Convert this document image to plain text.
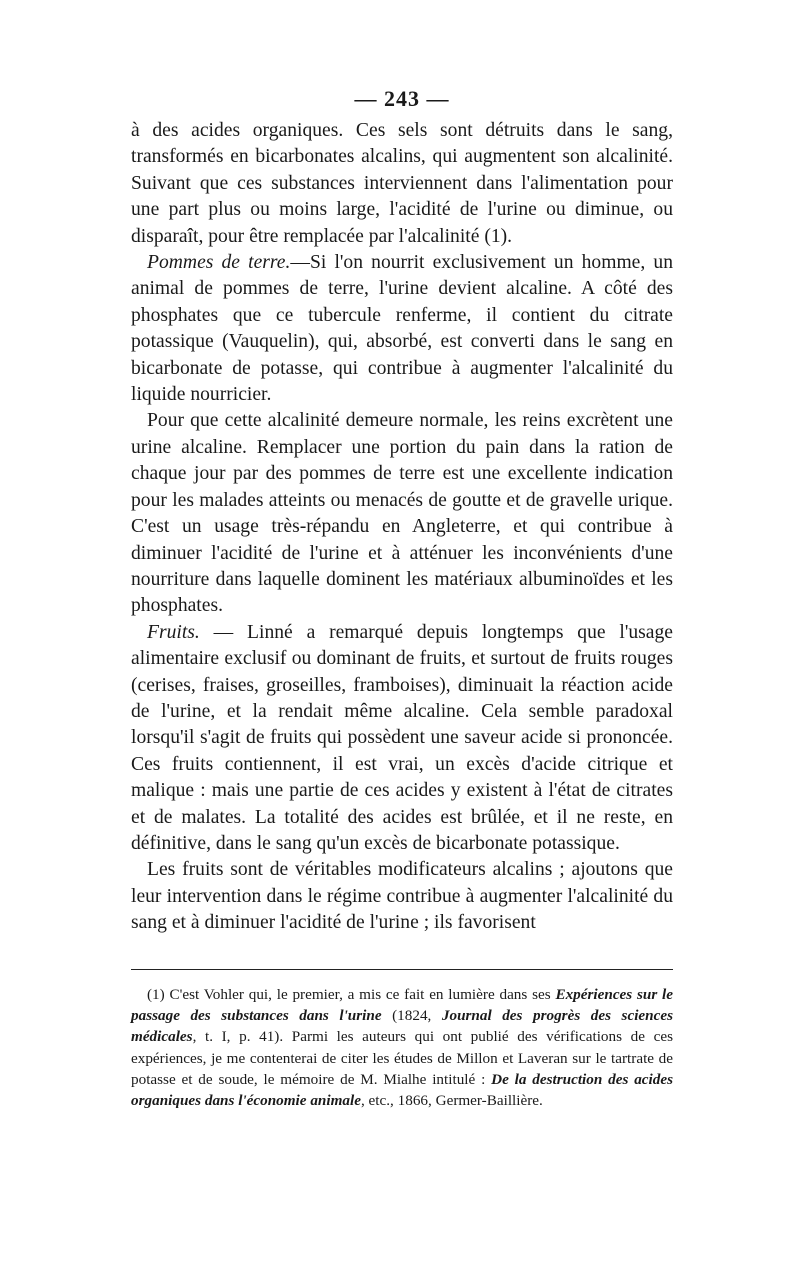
— 243 —

à des acides organiques. Ces sels sont détruits dans le sang, transformés en bicarbonates alcalins, qui augmentent son alcalinité. Suivant que ces substances interviennent dans l'alimentation pour une part plus ou moins large, l'acidité de l'urine ou diminue, ou disparaît, pour être remplacée par l'alcalinité (1).

Pommes de terre.—Si l'on nourrit exclusivement un homme, un animal de pommes de terre, l'urine devient alcaline. A côté des phosphates que ce tubercule renferme, il contient du citrate potassique (Vauquelin), qui, absorbé, est converti dans le sang en bicarbonate de potasse, qui contribue à augmenter l'alcalinité du liquide nourricier.

Pour que cette alcalinité demeure normale, les reins excrètent une urine alcaline. Remplacer une portion du pain dans la ration de chaque jour par des pommes de terre est une excellente indication pour les malades atteints ou menacés de goutte et de gravelle urique. C'est un usage très-répandu en Angleterre, et qui contribue à diminuer l'acidité de l'urine et à atténuer les inconvénients d'une nourriture dans laquelle dominent les matériaux albuminoïdes et les phosphates.

Fruits. — Linné a remarqué depuis longtemps que l'usage alimentaire exclusif ou dominant de fruits, et surtout de fruits rouges (cerises, fraises, groseilles, framboises), diminuait la réaction acide de l'urine, et la rendait même alcaline. Cela semble paradoxal lorsqu'il s'agit de fruits qui possèdent une saveur acide si prononcée. Ces fruits contiennent, il est vrai, un excès d'acide citrique et malique : mais une partie de ces acides y existent à l'état de citrates et de malates. La totalité des acides est brûlée, et il ne reste, en définitive, dans le sang qu'un excès de bicarbonate potassique.

Les fruits sont de véritables modificateurs alcalins ; ajoutons que leur intervention dans le régime contribue à augmenter l'alcalinité du sang et à diminuer l'acidité de l'urine ; ils favorisent

(1) C'est Vohler qui, le premier, a mis ce fait en lumière dans ses Expériences sur le passage des substances dans l'urine (1824, Journal des progrès des sciences médicales, t. I, p. 41). Parmi les auteurs qui ont publié des vérifications de ces expériences, je me contenterai de citer les études de Millon et Laveran sur le tartrate de potasse et de soude, le mémoire de M. Mialhe intitulé : De la destruction des acides organiques dans l'économie animale, etc., 1866, Germer-Baillière.
